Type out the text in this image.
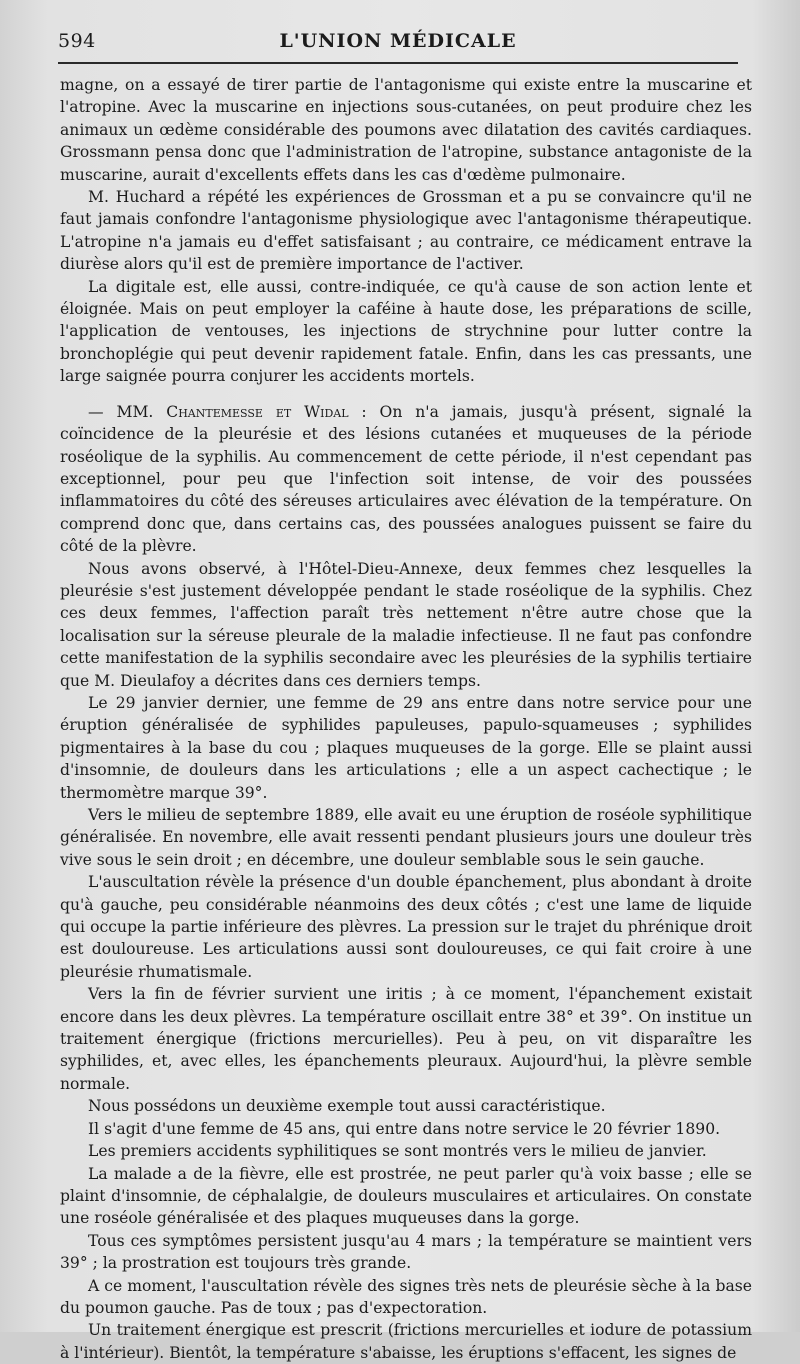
594	L'UNION MÉDICALE

magne, on a essayé de tirer partie de l'antagonisme qui existe entre la muscarine et l'atropine. Avec la muscarine en injections sous-cutanées, on peut produire chez les animaux un œdème considérable des poumons avec dilatation des cavités cardiaques. Grossmann pensa donc que l'administration de l'atropine, substance antagoniste de la muscarine, aurait d'excellents effets dans les cas d'œdème pulmonaire.

M. Huchard a répété les expériences de Grossman et a pu se convaincre qu'il ne faut jamais confondre l'antagonisme physiologique avec l'antagonisme thérapeutique. L'atropine n'a jamais eu d'effet satisfaisant ; au contraire, ce médicament entrave la diurèse alors qu'il est de première importance de l'activer.

La digitale est, elle aussi, contre-indiquée, ce qu'à cause de son action lente et éloignée. Mais on peut employer la caféine à haute dose, les préparations de scille, l'application de ventouses, les injections de strychnine pour lutter contre la bronchoplégie qui peut devenir rapidement fatale. Enfin, dans les cas pressants, une large saignée pourra conjurer les accidents mortels.

— MM. Chantemesse et Widal : On n'a jamais, jusqu'à présent, signalé la coïncidence de la pleurésie et des lésions cutanées et muqueuses de la période roséolique de la syphilis. Au commencement de cette période, il n'est cependant pas exceptionnel, pour peu que l'infection soit intense, de voir des poussées inflammatoires du côté des séreuses articulaires avec élévation de la température. On comprend donc que, dans certains cas, des poussées analogues puissent se faire du côté de la plèvre.

Nous avons observé, à l'Hôtel-Dieu-Annexe, deux femmes chez lesquelles la pleurésie s'est justement développée pendant le stade roséolique de la syphilis. Chez ces deux femmes, l'affection paraît très nettement n'être autre chose que la localisation sur la séreuse pleurale de la maladie infectieuse. Il ne faut pas confondre cette manifestation de la syphilis secondaire avec les pleurésies de la syphilis tertiaire que M. Dieulafoy a décrites dans ces derniers temps.

Le 29 janvier dernier, une femme de 29 ans entre dans notre service pour une éruption généralisée de syphilides papuleuses, papulo-squameuses ; syphilides pigmentaires à la base du cou ; plaques muqueuses de la gorge. Elle se plaint aussi d'insomnie, de douleurs dans les articulations ; elle a un aspect cachectique ; le thermomètre marque 39°.

Vers le milieu de septembre 1889, elle avait eu une éruption de roséole syphilitique généralisée. En novembre, elle avait ressenti pendant plusieurs jours une douleur très vive sous le sein droit ; en décembre, une douleur semblable sous le sein gauche.

L'auscultation révèle la présence d'un double épanchement, plus abondant à droite qu'à gauche, peu considérable néanmoins des deux côtés ; c'est une lame de liquide qui occupe la partie inférieure des plèvres. La pression sur le trajet du phrénique droit est douloureuse. Les articulations aussi sont douloureuses, ce qui fait croire à une pleurésie rhumatismale.

Vers la fin de février survient une iritis ; à ce moment, l'épanchement existait encore dans les deux plèvres. La température oscillait entre 38° et 39°. On institue un traitement énergique (frictions mercurielles). Peu à peu, on vit disparaître les syphilides, et, avec elles, les épanchements pleuraux. Aujourd'hui, la plèvre semble normale.

Nous possédons un deuxième exemple tout aussi caractéristique.

Il s'agit d'une femme de 45 ans, qui entre dans notre service le 20 février 1890.

Les premiers accidents syphilitiques se sont montrés vers le milieu de janvier.

La malade a de la fièvre, elle est prostrée, ne peut parler qu'à voix basse ; elle se plaint d'insomnie, de céphalalgie, de douleurs musculaires et articulaires. On constate une roséole généralisée et des plaques muqueuses dans la gorge.

Tous ces symptômes persistent jusqu'au 4 mars ; la température se maintient vers 39° ; la prostration est toujours très grande.

A ce moment, l'auscultation révèle des signes très nets de pleurésie sèche à la base du poumon gauche. Pas de toux ; pas d'expectoration.

Un traitement énergique est prescrit (frictions mercurielles et iodure de potassium à l'intérieur). Bientôt, la température s'abaisse, les éruptions s'effacent, les signes de
